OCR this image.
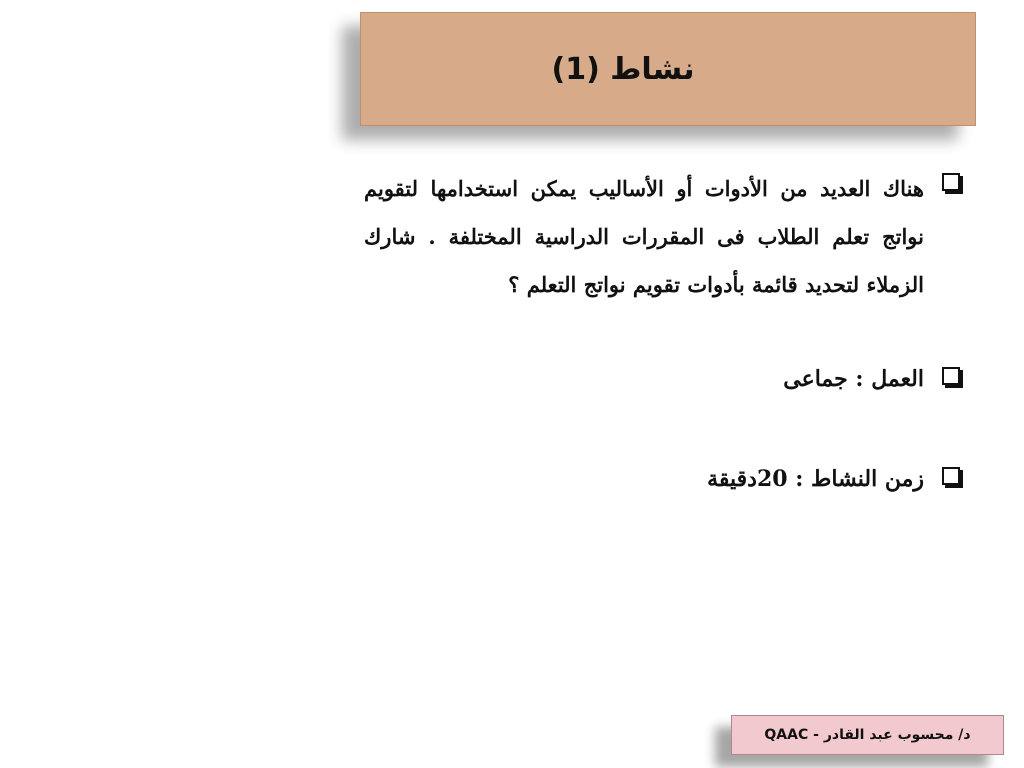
نشاط (1)
هناك العديد من الأدوات أو الأساليب يمكن استخدامها لتقويم نواتج تعلم الطلاب فى المقررات الدراسية المختلفة . شارك الزملاء لتحديد قائمة بأدوات تقويم نواتج التعلم ؟
العمل : جماعى
زمن النشاط : 20دقيقة
د/ محسوب عبد القادر - QAAC
